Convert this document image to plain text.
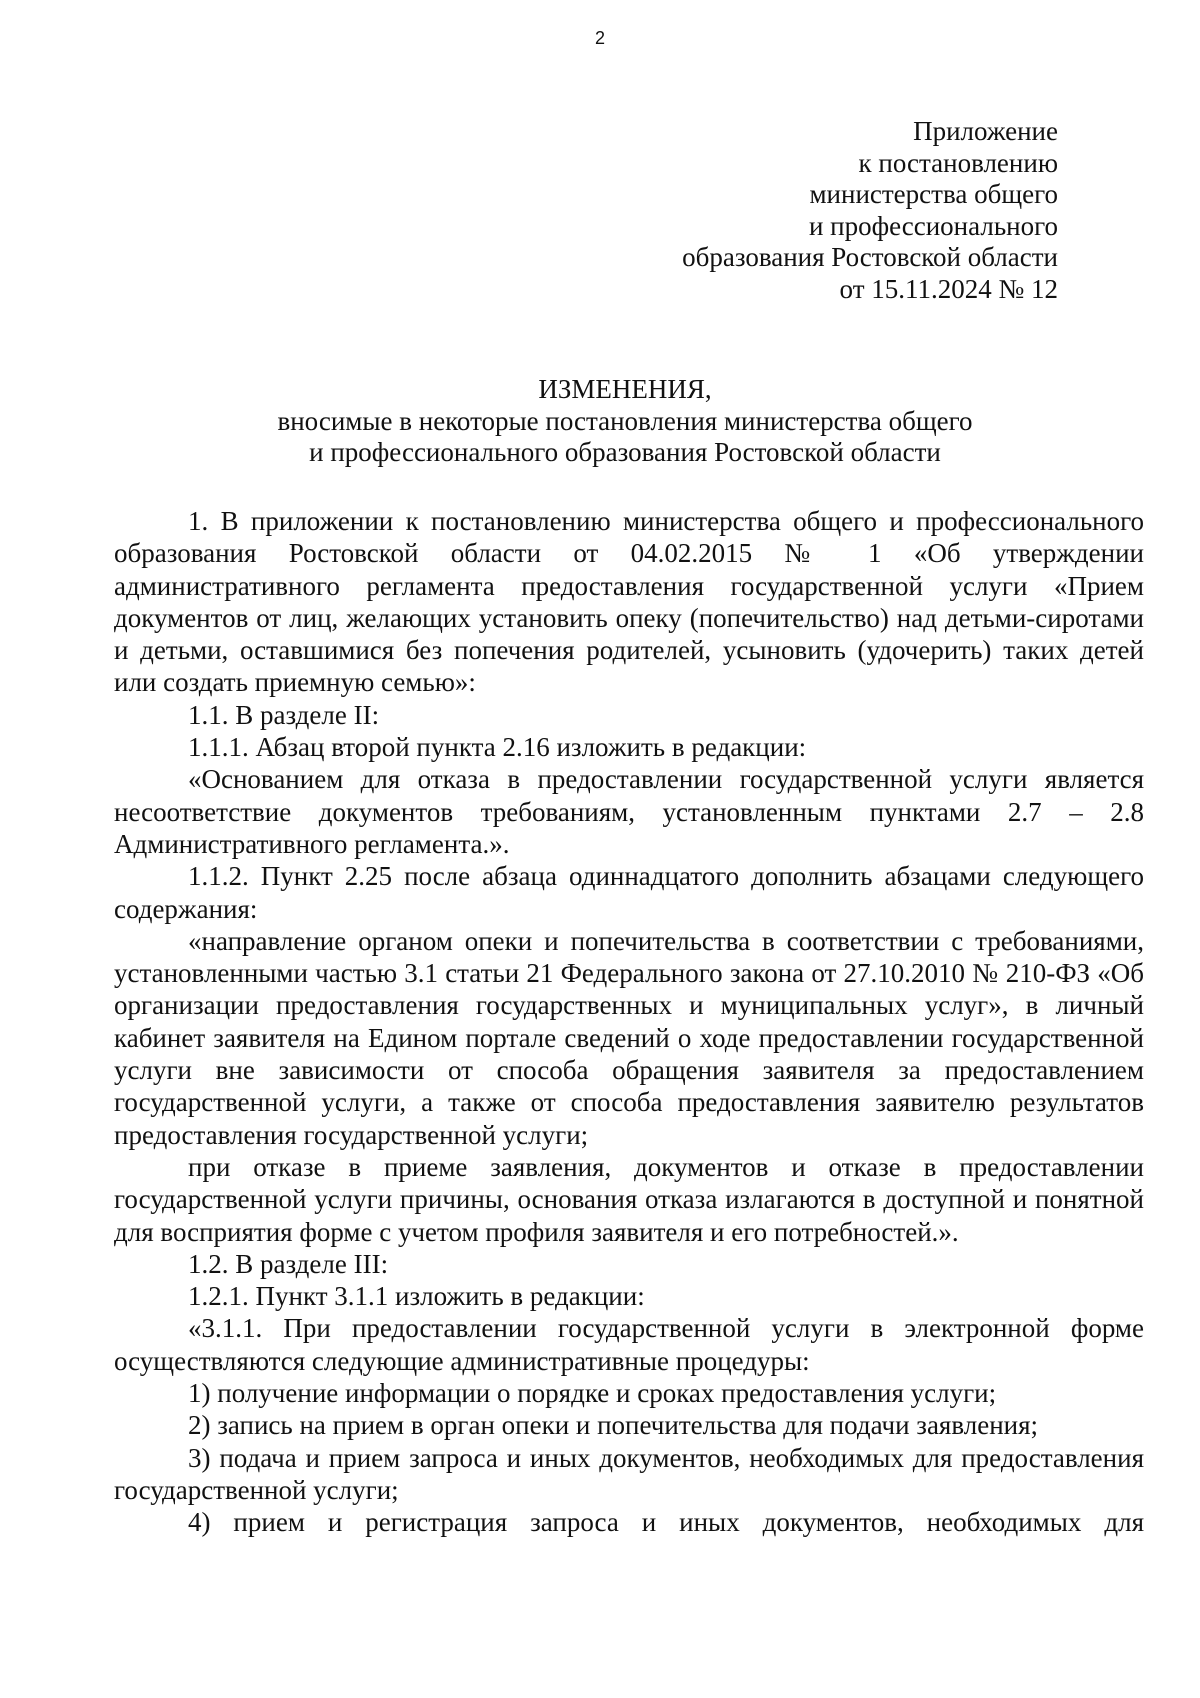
2
Приложение
к постановлению
министерства общего
и профессионального
образования Ростовской области
от 15.11.2024 № 12
ИЗМЕНЕНИЯ,
вносимые в некоторые постановления министерства общего
и профессионального образования Ростовской области

1. В приложении к постановлению министерства общего и профессионального образования Ростовской области от 04.02.2015 № 1 «Об утверждении административного регламента предоставления государственной услуги «Прием документов от лиц, желающих установить опеку (попечительство) над детьми-сиротами и детьми, оставшимися без попечения родителей, усыновить (удочерить) таких детей или создать приемную семью»:

1.1. В разделе II:

1.1.1. Абзац второй пункта 2.16 изложить в редакции:

«Основанием для отказа в предоставлении государственной услуги является несоответствие документов требованиям, установленным пунктами 2.7 – 2.8 Административного регламента.».

1.1.2. Пункт 2.25 после абзаца одиннадцатого дополнить абзацами следующего содержания:

«направление органом опеки и попечительства в соответствии с требованиями, установленными частью 3.1 статьи 21 Федерального закона от 27.10.2010 № 210-ФЗ «Об организации предоставления государственных и муниципальных услуг», в личный кабинет заявителя на Едином портале сведений о ходе предоставлении государственной услуги вне зависимости от способа обращения заявителя за предоставлением государственной услуги, а также от способа предоставления заявителю результатов предоставления государственной услуги;

при отказе в приеме заявления, документов и отказе в предоставлении государственной услуги причины, основания отказа излагаются в доступной и понятной для восприятия форме с учетом профиля заявителя и его потребностей.».

1.2. В разделе III:

1.2.1. Пункт 3.1.1 изложить в редакции:

«3.1.1. При предоставлении государственной услуги в электронной форме осуществляются следующие административные процедуры:

1) получение информации о порядке и сроках предоставления услуги;

2) запись на прием в орган опеки и попечительства для подачи заявления;

3) подача и прием запроса и иных документов, необходимых для предоставления государственной услуги;

4) прием и регистрация запроса и иных документов, необходимых для
